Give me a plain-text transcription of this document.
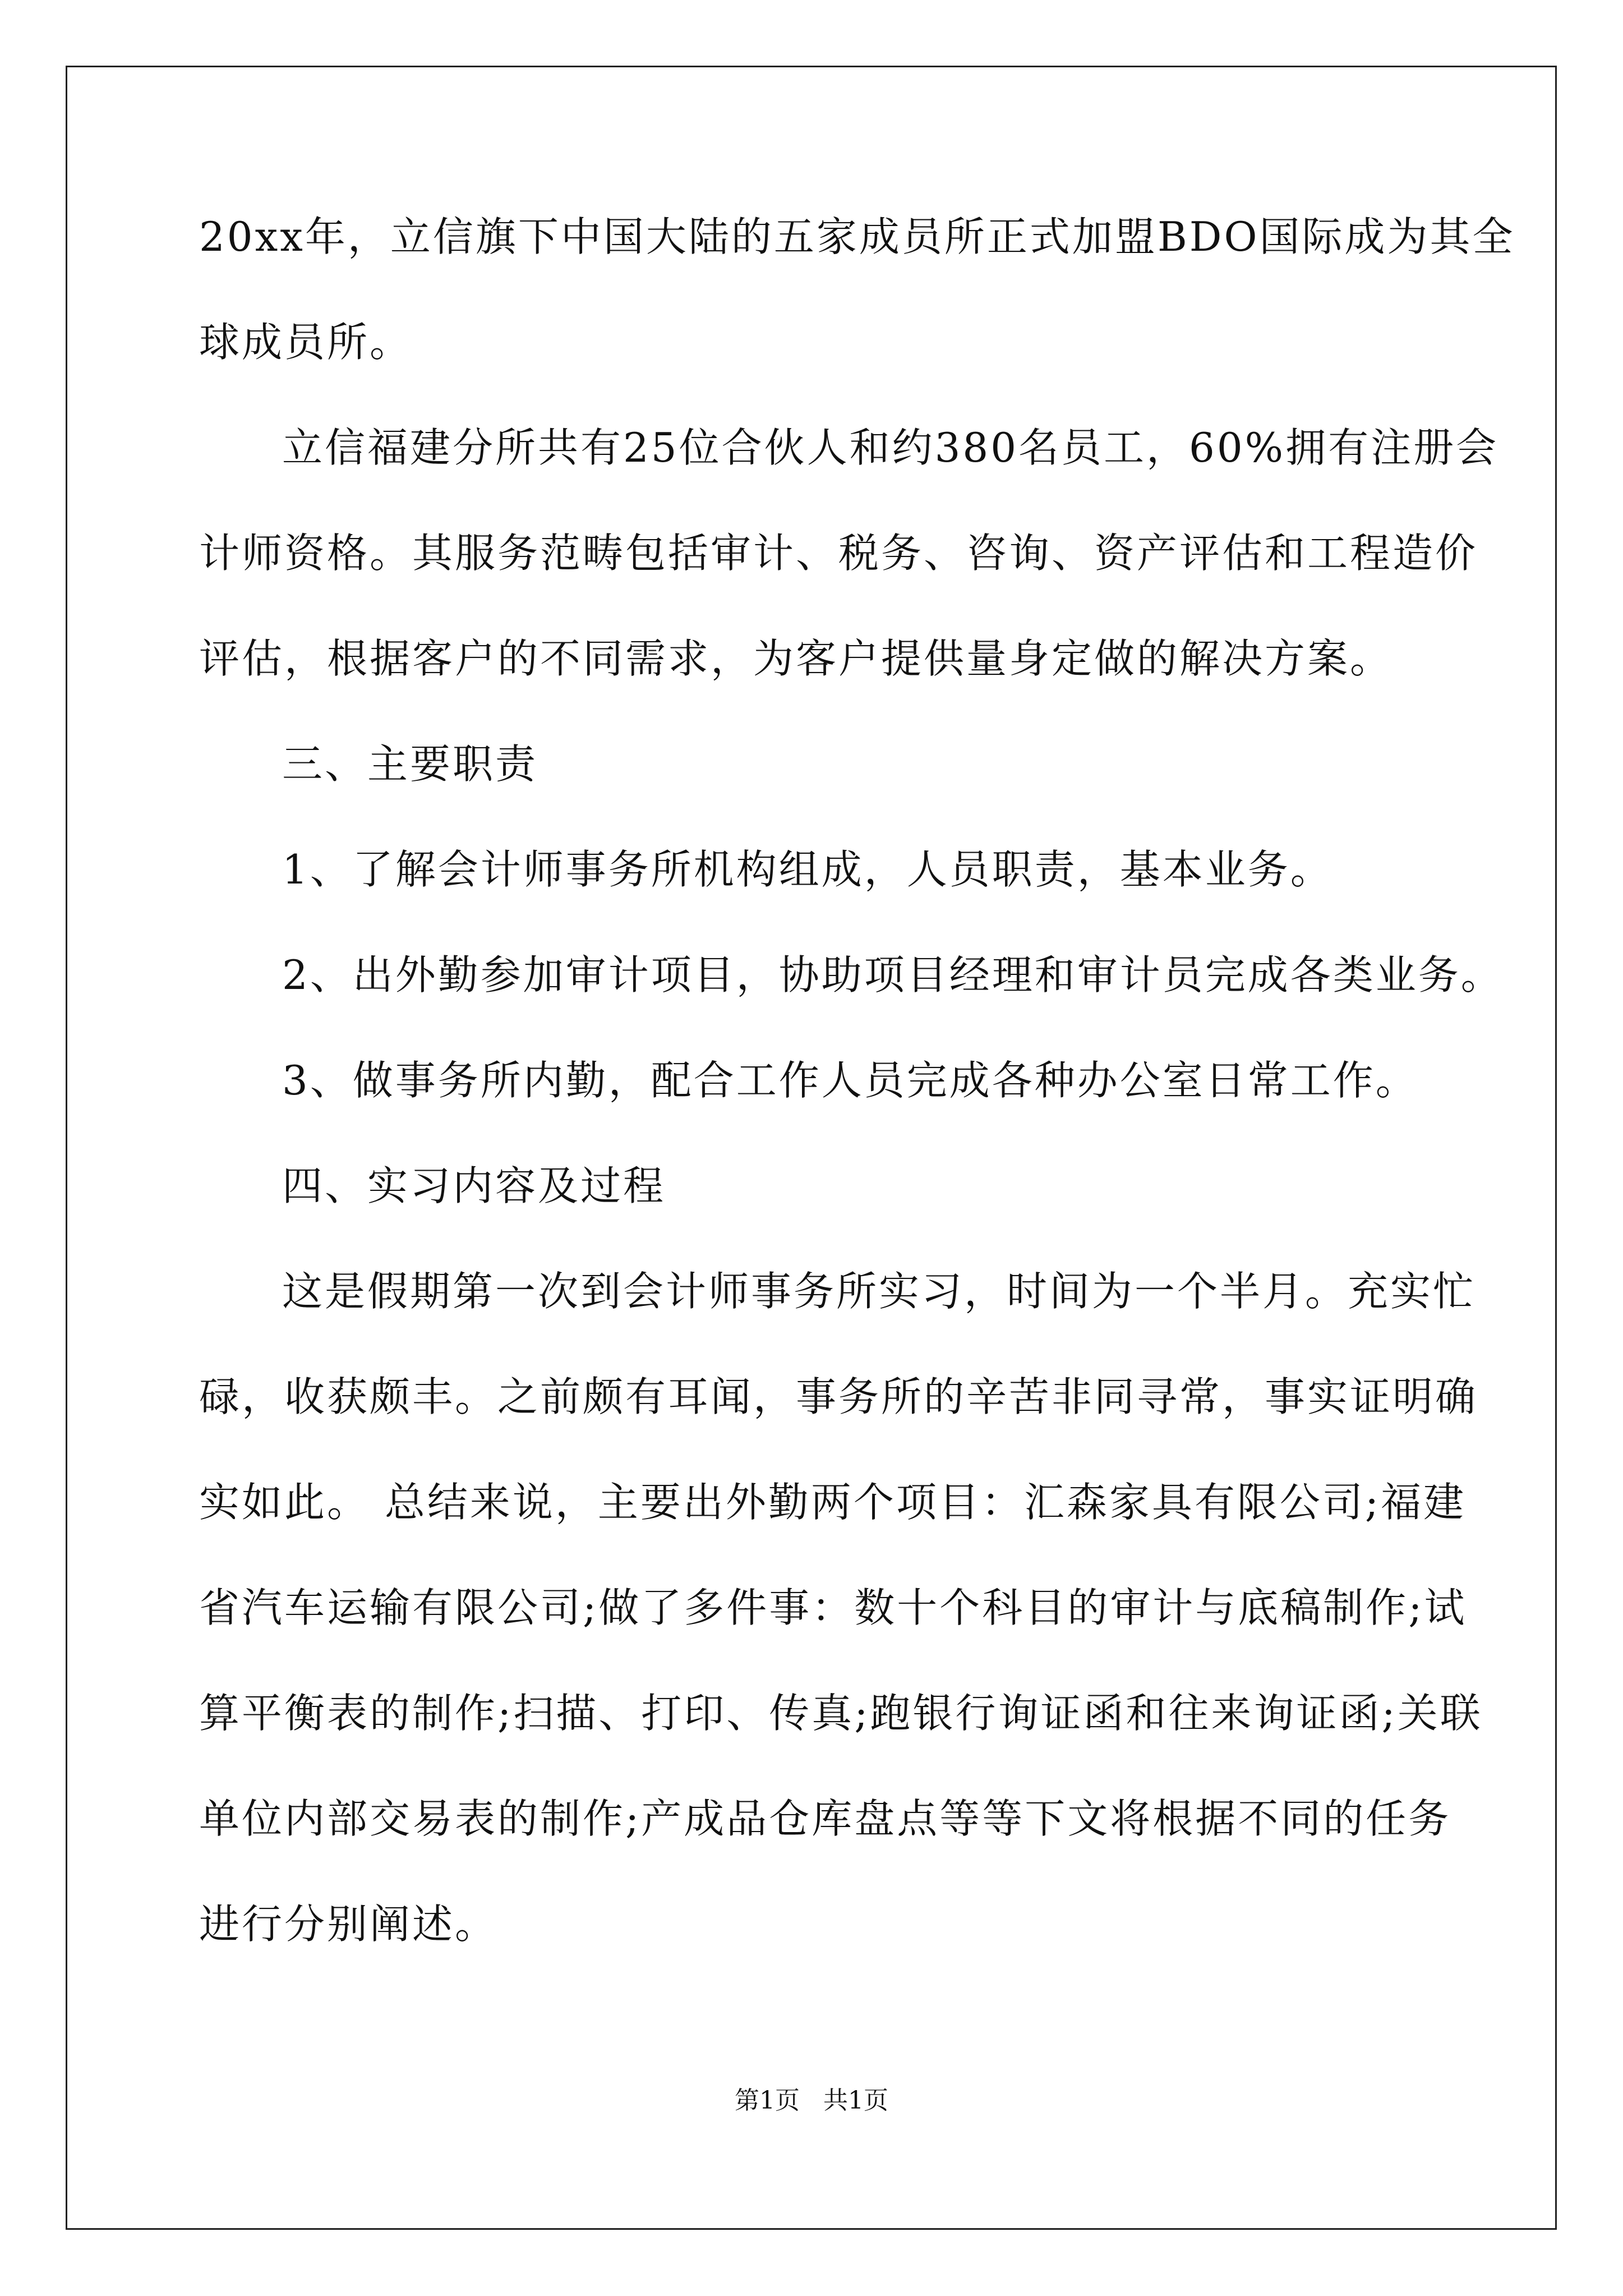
20xx年，立信旗下中国大陆的五家成员所正式加盟BDO国际成为其全
球成员所。
立信福建分所共有25位合伙人和约380名员工，60%拥有注册会
计师资格。其服务范畴包括审计、税务、咨询、资产评估和工程造价
评估，根据客户的不同需求，为客户提供量身定做的解决方案。
三、主要职责
1、了解会计师事务所机构组成，人员职责，基本业务。
2、出外勤参加审计项目，协助项目经理和审计员完成各类业务。
3、做事务所内勤，配合工作人员完成各种办公室日常工作。
四、实习内容及过程
这是假期第一次到会计师事务所实习，时间为一个半月。充实忙
碌，收获颇丰。之前颇有耳闻，事务所的辛苦非同寻常，事实证明确
实如此。 总结来说，主要出外勤两个项目：汇森家具有限公司;福建
省汽车运输有限公司;做了多件事：数十个科目的审计与底稿制作;试
算平衡表的制作;扫描、打印、传真;跑银行询证函和往来询证函;关联
单位内部交易表的制作;产成品仓库盘点等等下文将根据不同的任务
进行分别阐述。
第1页 共1页
